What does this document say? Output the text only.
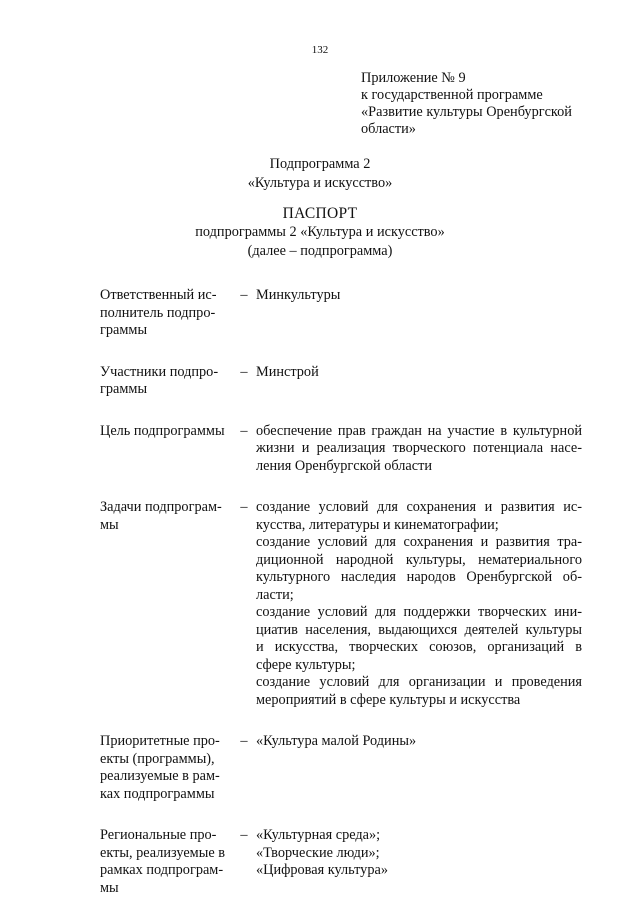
132
Приложение № 9
к государственной программе
«Развитие культуры Оренбургской
области»
Подпрограмма 2
«Культура и искусство»
ПАСПОРТ
подпрограммы 2 «Культура и искусство»
(далее – подпрограмма)
Ответственный ис-
полнитель подпро-
граммы
– Минкультуры
Участники подпро-
граммы
– Минстрой
Цель подпрограммы	– обеспечение прав граждан на участие в культурной
жизни и реализация творческого потенциала насе-
ления Оренбургской области
Задачи подпрограм-
мы
– создание условий для сохранения и развития ис-
кусства, литературы и кинематографии;
создание условий для сохранения и развития тра-
диционной народной культуры, нематериального
культурного наследия народов Оренбургской об-
ласти;
создание условий для поддержки творческих ини-
циатив населения, выдающихся деятелей культуры
и искусства, творческих союзов, организаций в
сфере культуры;
создание условий для организации и проведения
мероприятий в сфере культуры и искусства
Приоритетные про-
екты (программы),
реализуемые в рам-
ках подпрограммы
– «Культура малой Родины»
Региональные про-
екты, реализуемые в
рамках подпрограм-
мы
– «Культурная среда»;
«Творческие люди»;
«Цифровая культура»
